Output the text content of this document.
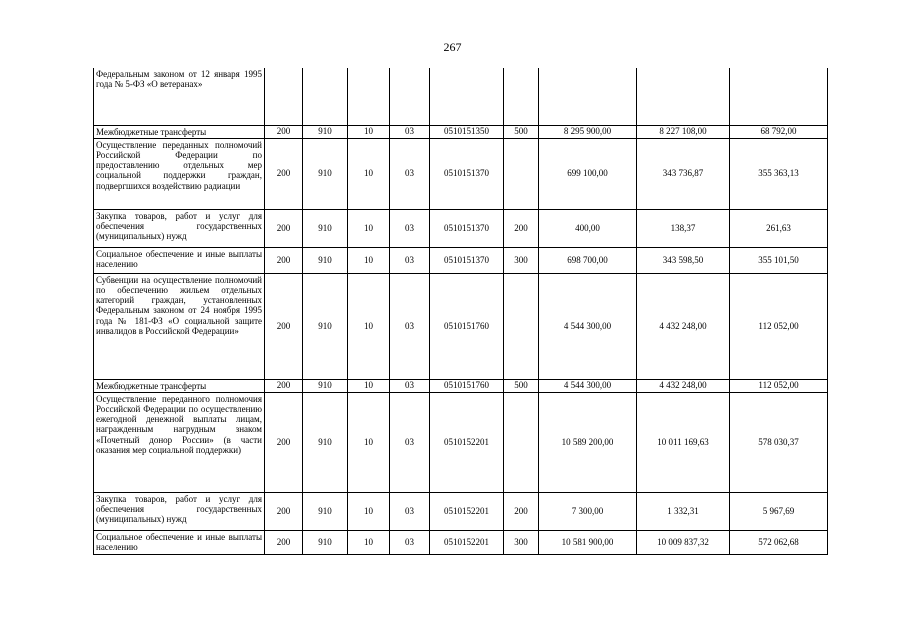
267
Федеральным законом от 12 января 1995 года № 5-ФЗ «О ветеранах»									
Межбюджетные трансферты	200	910	10	03	0510151350	500	8 295 900,00	8 227 108,00	68 792,00
Осуществление переданных полномочий Российской Федерации по предоставлению отдельных мер социальной поддержки граждан, подвергшихся воздействию радиации	200	910	10	03	0510151370		699 100,00	343 736,87	355 363,13
Закупка товаров, работ и услуг для обеспечения государственных (муниципальных) нужд	200	910	10	03	0510151370	200	400,00	138,37	261,63
Социальное обеспечение и иные выплаты населению	200	910	10	03	0510151370	300	698 700,00	343 598,50	355 101,50
Субвенции на осуществление полномочий по обеспечению жильем отдельных категорий граждан, установленных Федеральным законом от 24 ноября 1995 года № 181-ФЗ «О социальной защите инвалидов в Российской Федерации»	200	910	10	03	0510151760		4 544 300,00	4 432 248,00	112 052,00
Межбюджетные трансферты	200	910	10	03	0510151760	500	4 544 300,00	4 432 248,00	112 052,00
Осуществление переданного полномочия Российской Федерации по осуществлению ежегодной денежной выплаты лицам, награжденным нагрудным знаком «Почетный донор России» (в части оказания мер социальной поддержки)	200	910	10	03	0510152201		10 589 200,00	10 011 169,63	578 030,37
Закупка товаров, работ и услуг для обеспечения государственных (муниципальных) нужд	200	910	10	03	0510152201	200	7 300,00	1 332,31	5 967,69
Социальное обеспечение и иные выплаты населению	200	910	10	03	0510152201	300	10 581 900,00	10 009 837,32	572 062,68
